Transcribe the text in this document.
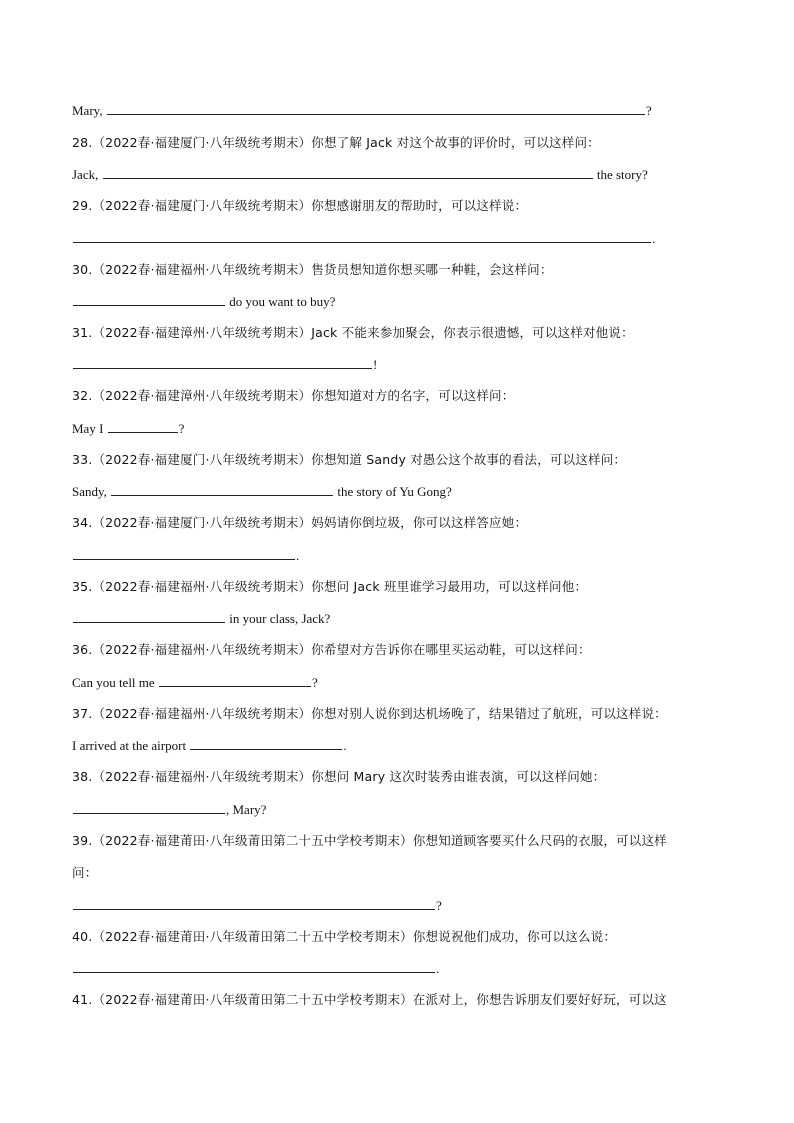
Mary,	?
28.（2022春·福建厦门·八年级统考期末）你想了解 Jack 对这个故事的评价时，可以这样问：
Jack,	the story?
29.（2022春·福建厦门·八年级统考期末）你想感谢朋友的帮助时，可以这样说：
.
30.（2022春·福建福州·八年级统考期末）售货员想知道你想买哪一种鞋，会这样问：
do you want to buy?
31.（2022春·福建漳州·八年级统考期末）Jack 不能来参加聚会，你表示很遗憾，可以这样对他说：
!
32.（2022春·福建漳州·八年级统考期末）你想知道对方的名字，可以这样问：
May I	?
33.（2022春·福建厦门·八年级统考期末）你想知道 Sandy 对愚公这个故事的看法，可以这样问：
Sandy,	the story of Yu Gong?
34.（2022春·福建厦门·八年级统考期末）妈妈请你倒垃圾，你可以这样答应她：
.
35.（2022春·福建福州·八年级统考期末）你想问 Jack 班里谁学习最用功，可以这样问他：
in your class, Jack?
36.（2022春·福建福州·八年级统考期末）你希望对方告诉你在哪里买运动鞋，可以这样问：
Can you tell me	?
37.（2022春·福建福州·八年级统考期末）你想对别人说你到达机场晚了，结果错过了航班，可以这样说：
I arrived at the airport	.
38.（2022春·福建福州·八年级统考期末）你想问 Mary 这次时装秀由谁表演，可以这样问她：
, Mary?
39.（2022春·福建莆田·八年级莆田第二十五中学校考期末）你想知道顾客要买什么尺码的衣服，可以这样
问：
?
40.（2022春·福建莆田·八年级莆田第二十五中学校考期末）你想说祝他们成功，你可以这么说：
.
41.（2022春·福建莆田·八年级莆田第二十五中学校考期末）在派对上，你想告诉朋友们要好好玩，可以这
